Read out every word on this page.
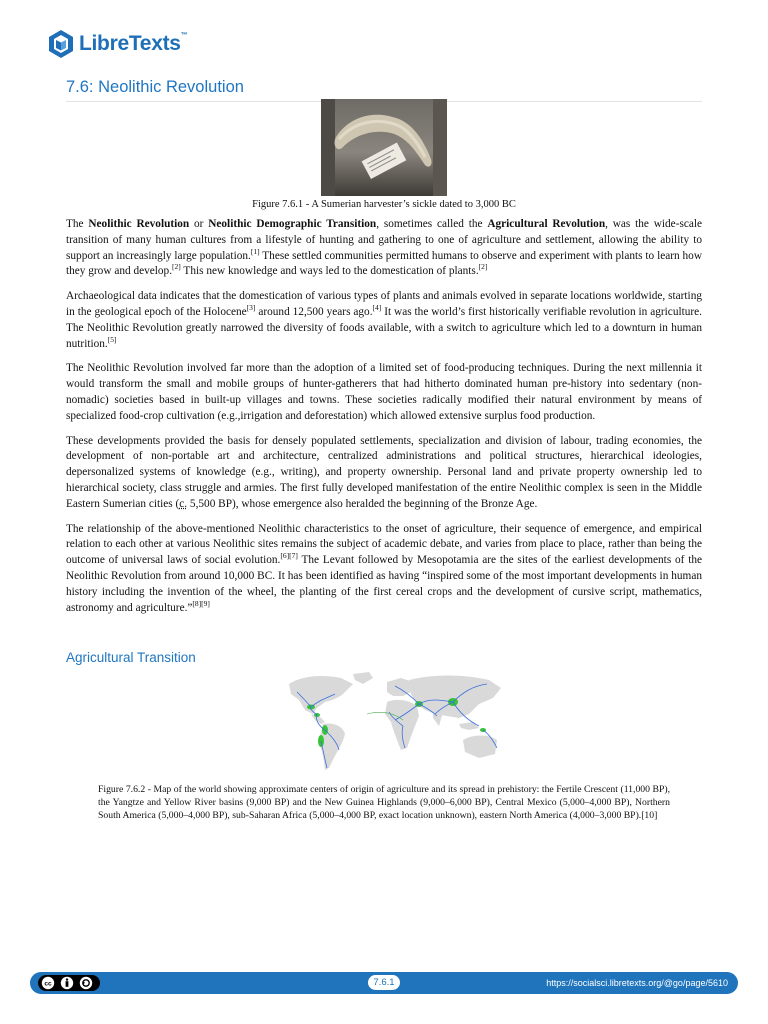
LibreTexts™
7.6: Neolithic Revolution
Figure 7.6.1 - A Sumerian harvester’s sickle dated to 3,000 BC

The Neolithic Revolution or Neolithic Demographic Transition, sometimes called the Agricultural Revolution, was the wide-scale transition of many human cultures from a lifestyle of hunting and gathering to one of agriculture and settlement, allowing the ability to support an increasingly large population.[1] These settled communities permitted humans to observe and experiment with plants to learn how they grow and develop.[2] This new knowledge and ways led to the domestication of plants.[2]

Archaeological data indicates that the domestication of various types of plants and animals evolved in separate locations worldwide, starting in the geological epoch of the Holocene[3] around 12,500 years ago.[4] It was the world’s first historically verifiable revolution in agriculture. The Neolithic Revolution greatly narrowed the diversity of foods available, with a switch to agriculture which led to a downturn in human nutrition.[5]

The Neolithic Revolution involved far more than the adoption of a limited set of food-producing techniques. During the next millennia it would transform the small and mobile groups of hunter-gatherers that had hitherto dominated human pre-history into sedentary (non-nomadic) societies based in built-up villages and towns. These societies radically modified their natural environment by means of specialized food-crop cultivation (e.g.,irrigation and deforestation) which allowed extensive surplus food production.

These developments provided the basis for densely populated settlements, specialization and division of labour, trading economies, the development of non-portable art and architecture, centralized administrations and political structures, hierarchical ideologies, depersonalized systems of knowledge (e.g., writing), and property ownership. Personal land and private property ownership led to hierarchical society, class struggle and armies. The first fully developed manifestation of the entire Neolithic complex is seen in the Middle Eastern Sumerian cities (c. 5,500 BP), whose emergence also heralded the beginning of the Bronze Age.

The relationship of the above-mentioned Neolithic characteristics to the onset of agriculture, their sequence of emergence, and empirical relation to each other at various Neolithic sites remains the subject of academic debate, and varies from place to place, rather than being the outcome of universal laws of social evolution.[6][7] The Levant followed by Mesopotamia are the sites of the earliest developments of the Neolithic Revolution from around 10,000 BC. It has been identified as having “inspired some of the most important developments in human history including the invention of the wheel, the planting of the first cereal crops and the development of cursive script, mathematics, astronomy and agriculture.”[8][9]

Agricultural Transition
Figure 7.6.2 - Map of the world showing approximate centers of origin of agriculture and its spread in prehistory: the Fertile Crescent (11,000 BP), the Yangtze and Yellow River basins (9,000 BP) and the New Guinea Highlands (9,000–6,000 BP), Central Mexico (5,000–4,000 BP), Northern South America (5,000–4,000 BP), sub-Saharan Africa (5,000–4,000 BP, exact location unknown), eastern North America (4,000–3,000 BP).[10]
cc	7.6.1	https://socialsci.libretexts.org/@go/page/5610
